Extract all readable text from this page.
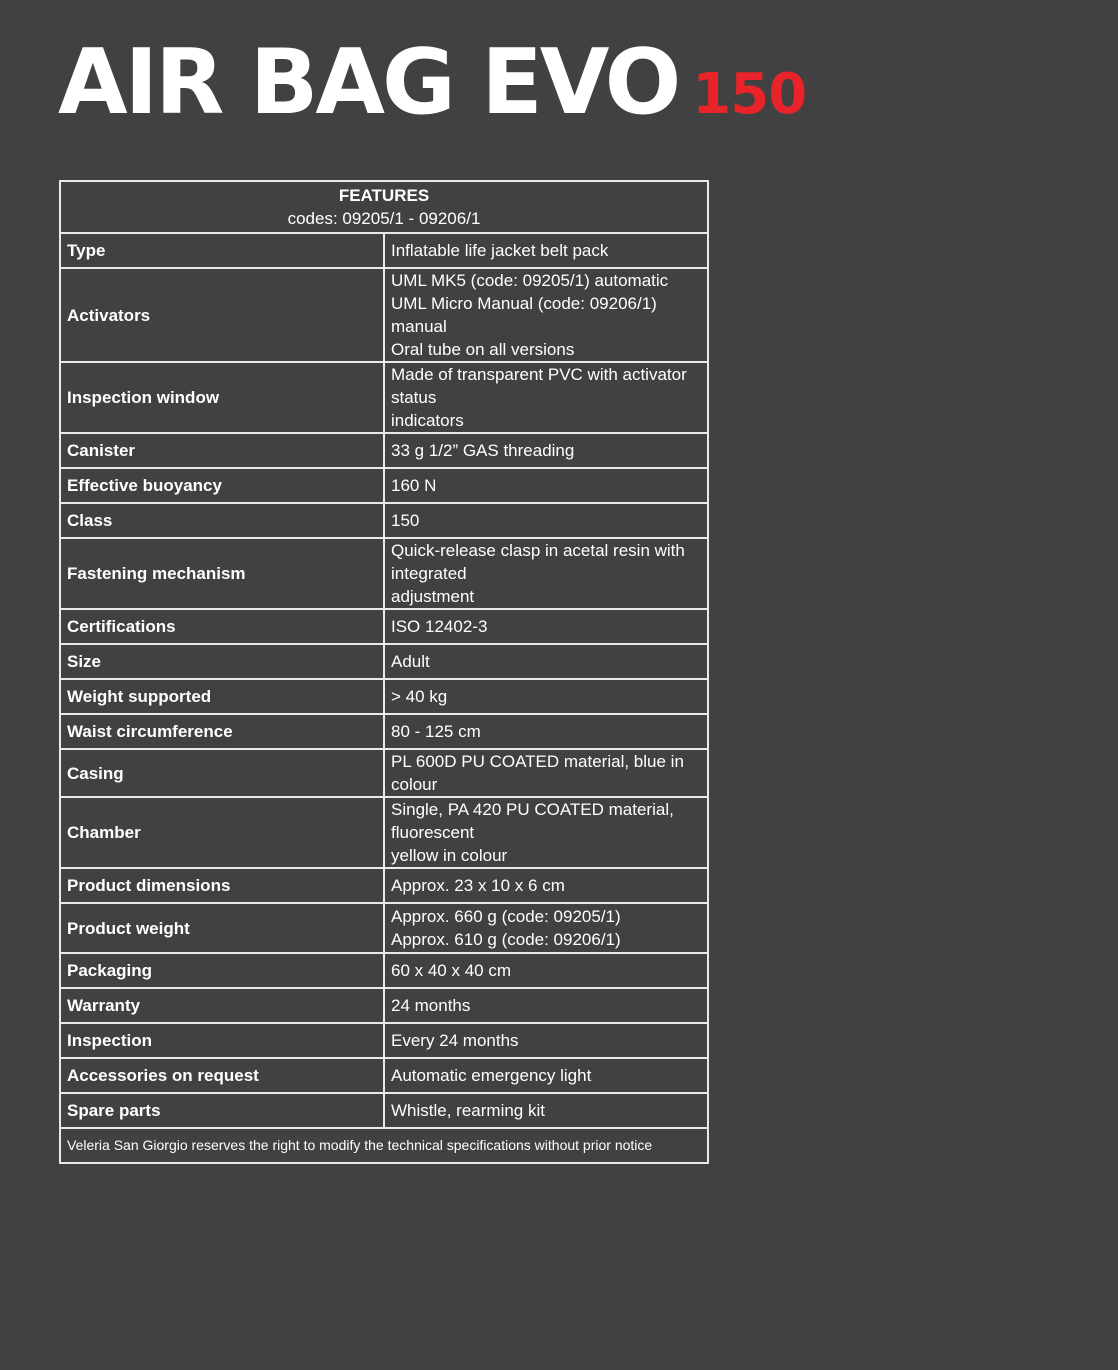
AIR BAG EVO 150
FEATURES
codes: 09205/1 - 09206/1	

Type	Inflatable life jacket belt pack

Activators	UML MK5 (code: 09205/1) automatic
UML Micro Manual (code: 09206/1) manual
Oral tube on all versions

Inspection window	Made of transparent PVC with activator status
indicators

Canister	33 g 1/2” GAS threading

Effective buoyancy	160 N

Class	150

Fastening mechanism	Quick-release clasp in acetal resin with integrated
adjustment

Certifications	ISO 12402-3

Size	Adult

Weight supported	> 40 kg

Waist circumference	80 - 125 cm

Casing	PL 600D PU COATED material, blue in colour

Chamber	Single, PA 420 PU COATED material, fluorescent
yellow in colour

Product dimensions	Approx. 23 x 10 x 6 cm

Product weight	Approx. 660 g (code: 09205/1)
Approx. 610 g (code: 09206/1)

Packaging	60 x 40 x 40 cm

Warranty	24 months

Inspection	Every 24 months

Accessories on request	Automatic emergency light

Spare parts	Whistle, rearming kit

Veleria San Giorgio reserves the right to modify the technical specifications without prior notice	
